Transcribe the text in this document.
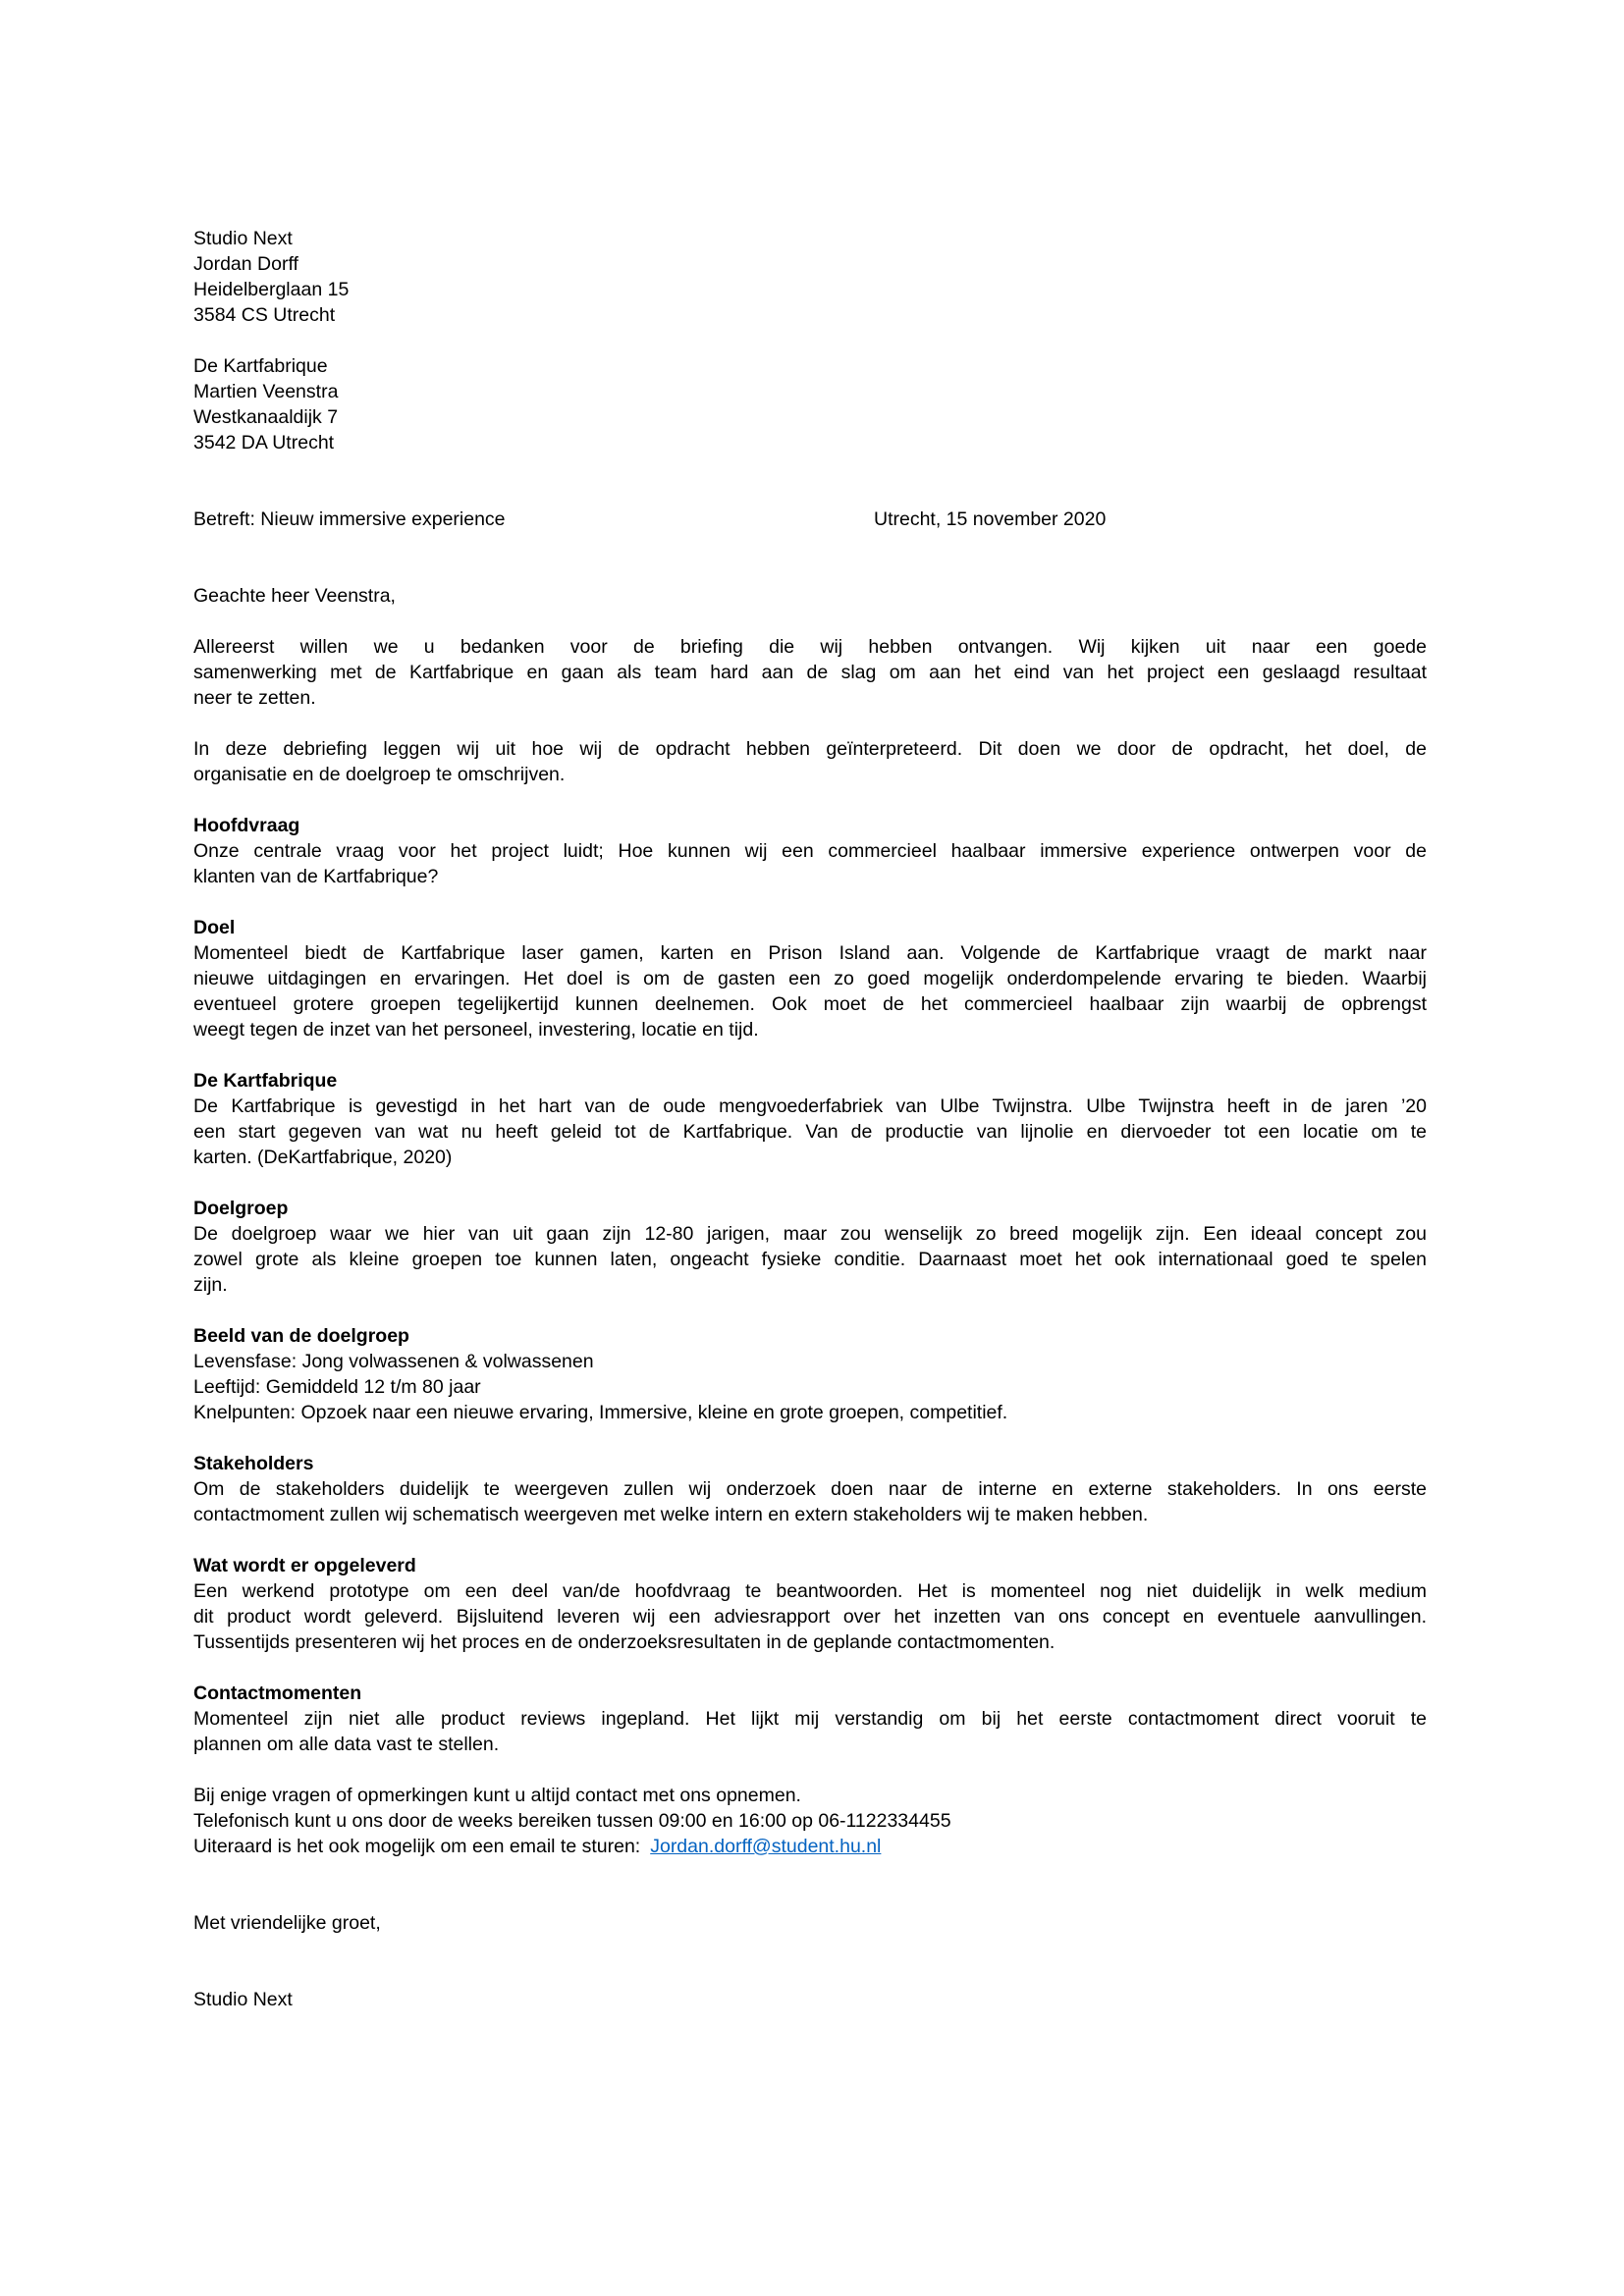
Studio Next
Jordan Dorff
Heidelberglaan 15
3584 CS Utrecht
De Kartfabrique
Martien Veenstra
Westkanaaldijk 7
3542 DA Utrecht
Betreft: Nieuw immersive experience	Utrecht, 15 november 2020
Geachte heer Veenstra,
Allereerst willen we u bedanken voor de briefing die wij hebben ontvangen. Wij kijken uit naar een goede
samenwerking met de Kartfabrique en gaan als team hard aan de slag om aan het eind van het project een geslaagd resultaat
neer te zetten.
In deze debriefing leggen wij uit hoe wij de opdracht hebben geïnterpreteerd. Dit doen we door de opdracht, het doel, de
organisatie en de doelgroep te omschrijven.
Hoofdvraag
Onze centrale vraag voor het project luidt; Hoe kunnen wij een commercieel haalbaar immersive experience ontwerpen voor de
klanten van de Kartfabrique?
Doel
Momenteel biedt de Kartfabrique laser gamen, karten en Prison Island aan. Volgende de Kartfabrique vraagt de markt naar
nieuwe uitdagingen en ervaringen. Het doel is om de gasten een zo goed mogelijk onderdompelende ervaring te bieden. Waarbij
eventueel grotere groepen tegelijkertijd kunnen deelnemen. Ook moet de het commercieel haalbaar zijn waarbij de opbrengst
weegt tegen de inzet van het personeel, investering, locatie en tijd.
De Kartfabrique
De Kartfabrique is gevestigd in het hart van de oude mengvoederfabriek van Ulbe Twijnstra. Ulbe Twijnstra heeft in de jaren ’20
een start gegeven van wat nu heeft geleid tot de Kartfabrique. Van de productie van lijnolie en diervoeder tot een locatie om te
karten. (DeKartfabrique, 2020)
Doelgroep
De doelgroep waar we hier van uit gaan zijn 12-80 jarigen, maar zou wenselijk zo breed mogelijk zijn. Een ideaal concept zou
zowel grote als kleine groepen toe kunnen laten, ongeacht fysieke conditie. Daarnaast moet het ook internationaal goed te spelen
zijn.
Beeld van de doelgroep
Levensfase: Jong volwassenen & volwassenen
Leeftijd: Gemiddeld 12 t/m 80 jaar
Knelpunten: Opzoek naar een nieuwe ervaring, Immersive, kleine en grote groepen, competitief.
Stakeholders
Om de stakeholders duidelijk te weergeven zullen wij onderzoek doen naar de interne en externe stakeholders. In ons eerste
contactmoment zullen wij schematisch weergeven met welke intern en extern stakeholders wij te maken hebben.
Wat wordt er opgeleverd
Een werkend prototype om een deel van/de hoofdvraag te beantwoorden. Het is momenteel nog niet duidelijk in welk medium
dit product wordt geleverd. Bijsluitend leveren wij een adviesrapport over het inzetten van ons concept en eventuele aanvullingen.
Tussentijds presenteren wij het proces en de onderzoeksresultaten in de geplande contactmomenten.
Contactmomenten
Momenteel zijn niet alle product reviews ingepland. Het lijkt mij verstandig om bij het eerste contactmoment direct vooruit te
plannen om alle data vast te stellen.
Bij enige vragen of opmerkingen kunt u altijd contact met ons opnemen.
Telefonisch kunt u ons door de weeks bereiken tussen 09:00 en 16:00 op 06-1122334455
Uiteraard is het ook mogelijk om een email te sturen: Jordan.dorff@student.hu.nl
Met vriendelijke groet,
Studio Next
